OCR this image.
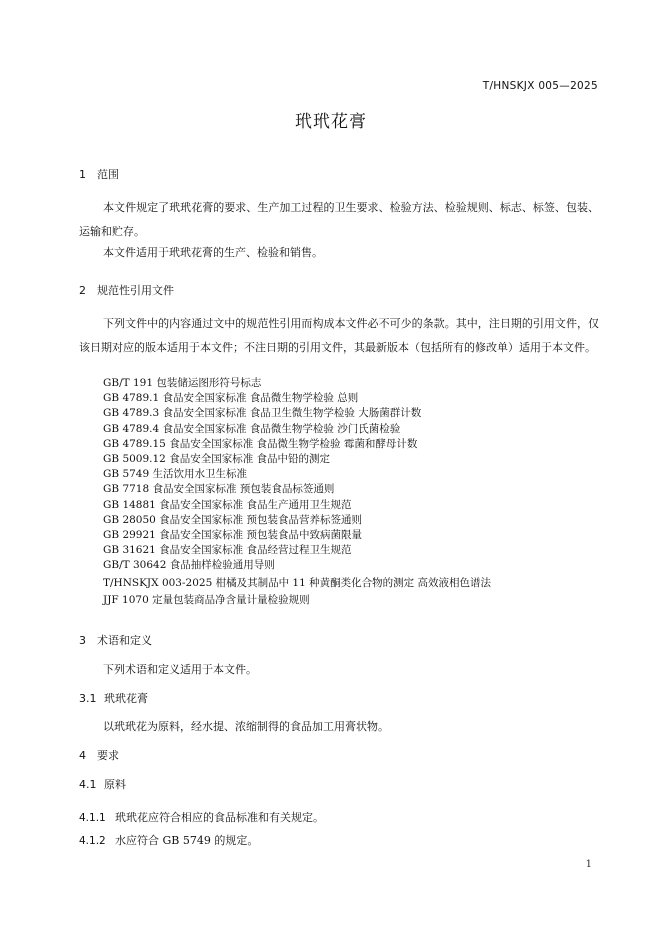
T/HNSKJX 005—2025
玳玳花膏
1 范围
本文件规定了玳玳花膏的要求、生产加工过程的卫生要求、检验方法、检验规则、标志、标签、包装、运输和贮存。
本文件适用于玳玳花膏的生产、检验和销售。
2 规范性引用文件
下列文件中的内容通过文中的规范性引用而构成本文件必不可少的条款。其中，注日期的引用文件，仅该日期对应的版本适用于本文件；不注日期的引用文件，其最新版本（包括所有的修改单）适用于本文件。
GB/T 191 包装储运图形符号标志
GB 4789.1 食品安全国家标准 食品微生物学检验 总则
GB 4789.3 食品安全国家标准 食品卫生微生物学检验 大肠菌群计数
GB 4789.4 食品安全国家标准 食品微生物学检验 沙门氏菌检验
GB 4789.15 食品安全国家标准 食品微生物学检验 霉菌和酵母计数
GB 5009.12 食品安全国家标准 食品中铅的测定
GB 5749 生活饮用水卫生标准
GB 7718 食品安全国家标准 预包装食品标签通则
GB 14881 食品安全国家标准 食品生产通用卫生规范
GB 28050 食品安全国家标准 预包装食品营养标签通则
GB 29921 食品安全国家标准 预包装食品中致病菌限量
GB 31621 食品安全国家标准 食品经营过程卫生规范
GB/T 30642 食品抽样检验通用导则
T/HNSKJX 003-2025 柑橘及其制品中 11 种黄酮类化合物的测定 高效液相色谱法
JJF 1070 定量包装商品净含量计量检验规则
3 术语和定义
下列术语和定义适用于本文件。
3.1 玳玳花膏
以玳玳花为原料，经水提、浓缩制得的食品加工用膏状物。
4 要求
4.1 原料
4.1.1 玳玳花应符合相应的食品标准和有关规定。
4.1.2 水应符合 GB 5749 的规定。
1
